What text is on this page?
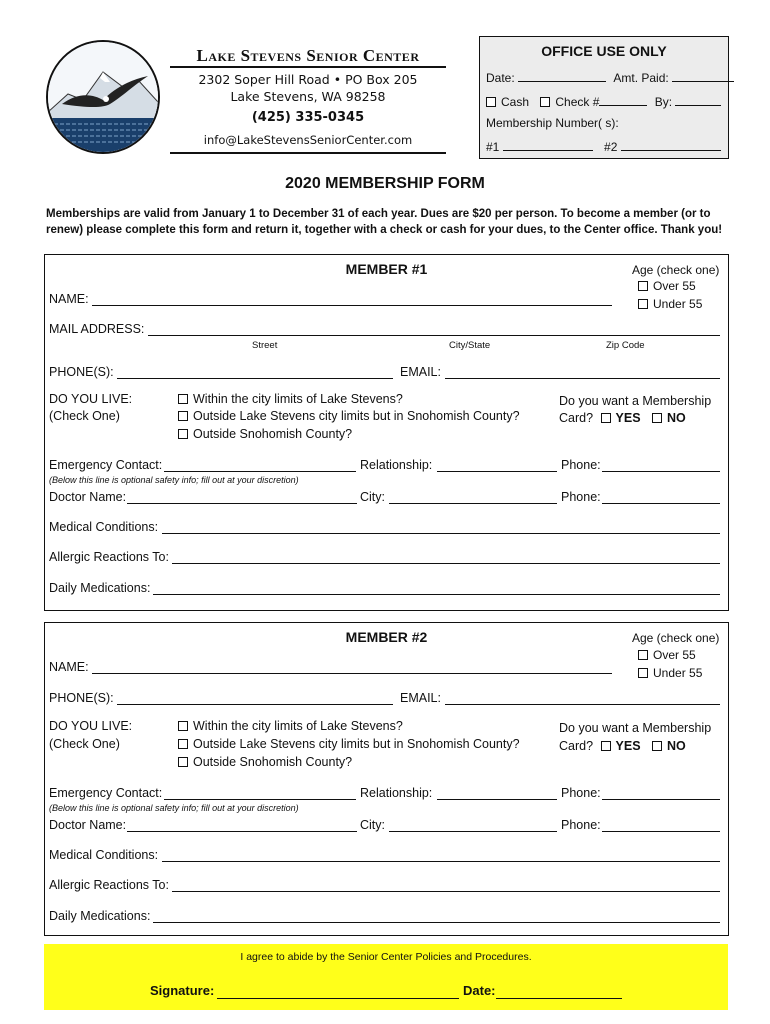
Lake Stevens Senior Center
2302 Soper Hill Road • PO Box 205
Lake Stevens, WA 98258
(425) 335-0345
info@LakeStevensSeniorCenter.com
OFFICE USE ONLY
Date:	Amt. Paid:
Cash Check #	By:
Membership Number( s):
#1	#2
2020 MEMBERSHIP FORM
Memberships are valid from January 1 to December 31 of each year. Dues are $20 per person. To become a member (or to renew) please complete this form and return it, together with a check or cash for your dues, to the Center office. Thank you!
MEMBER #1	Age (check one)
Over 55
Under 55
NAME:
MAIL ADDRESS:
Street	City/State	Zip Code
PHONE(S):	EMAIL:
DO YOU LIVE:
(Check One)
Within the city limits of Lake Stevens?
Outside Lake Stevens city limits but in Snohomish County?
Outside Snohomish County?
Do you want a Membership
Card? YES NO
Emergency Contact:	Relationship:	Phone:
(Below this line is optional safety info; fill out at your discretion)
Doctor Name:	City:	Phone:
Medical Conditions:
Allergic Reactions To:
Daily Medications:
MEMBER #2	Age (check one)
Over 55
Under 55
NAME:
PHONE(S):	EMAIL:
DO YOU LIVE:
(Check One)
Within the city limits of Lake Stevens?
Outside Lake Stevens city limits but in Snohomish County?
Outside Snohomish County?
Do you want a Membership
Card? YES NO
Emergency Contact:	Relationship:	Phone:
(Below this line is optional safety info; fill out at your discretion)
Doctor Name:	City:	Phone:
Medical Conditions:
Allergic Reactions To:
Daily Medications:
I agree to abide by the Senior Center Policies and Procedures.
Signature:	Date:
